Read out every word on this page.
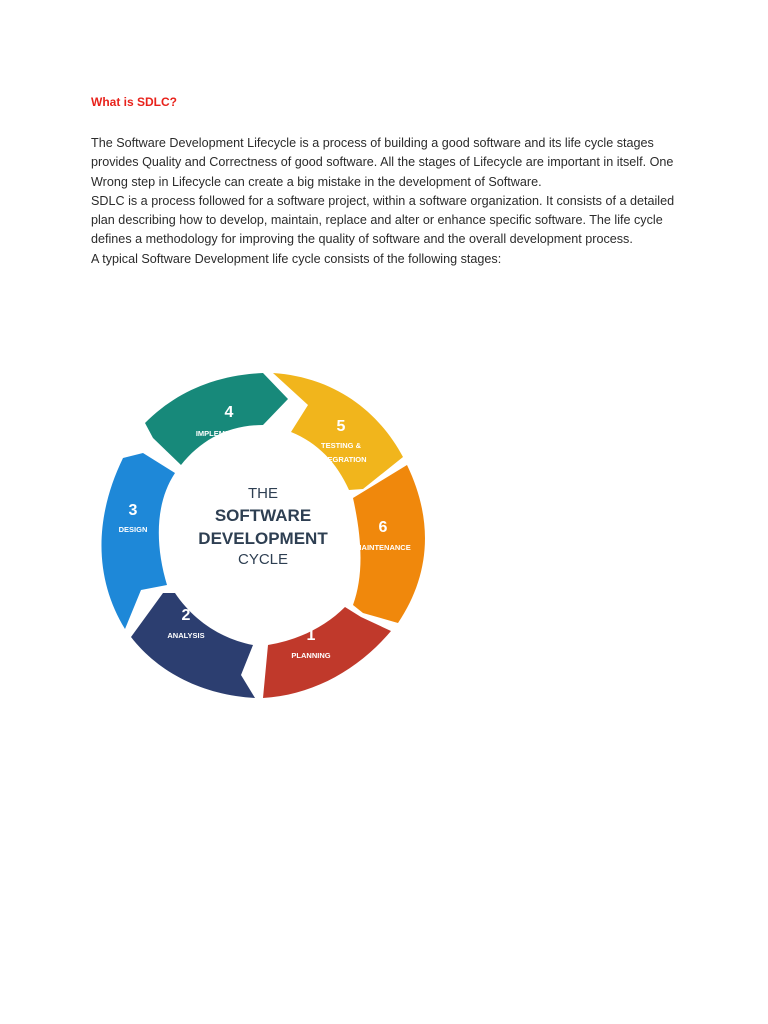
What is SDLC?

The Software Development Lifecycle is a process of building a good software and its life cycle stages

provides Quality and Correctness of good software. All the stages of Lifecycle are important in itself. One

Wrong step in Lifecycle can create a big mistake in the development of Software.

SDLC is a process followed for a software project, within a software organization. It consists of a detailed

plan describing how to develop, maintain, replace and alter or enhance specific software. The life cycle

defines a methodology for improving the quality of software and the overall development process.

A typical Software Development life cycle consists of the following stages:

THE
SOFTWARE
DEVELOPMENT
CYCLE
4
IMPLEMENTATION	5
TESTING &
INTEGRATION
6
MAINTENANCE
1
PLANNING
2
ANALYSIS
3
DESIGN
